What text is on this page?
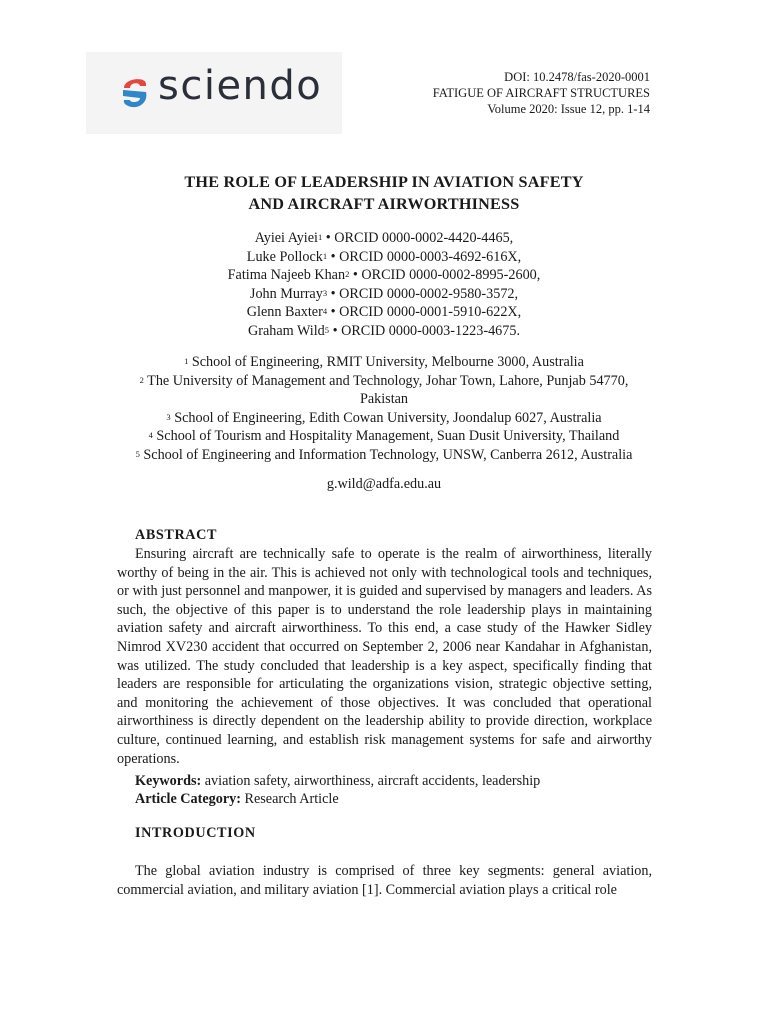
sciendo	DOI: 10.2478/fas-2020-0001
FATIGUE OF AIRCRAFT STRUCTURES
Volume 2020: Issue 12, pp. 1-14
THE ROLE OF LEADERSHIP IN AVIATION SAFETY
AND AIRCRAFT AIRWORTHINESS
Ayiei Ayiei$^1$ • ORCID 0000-0002-4420-4465,
Luke Pollock$^1$ • ORCID 0000-0003-4692-616X,
Fatima Najeeb Khan$^2$ • ORCID 0000-0002-8995-2600,
John Murray$^3$ • ORCID 0000-0002-9580-3572,
Glenn Baxter$^4$ • ORCID 0000-0001-5910-622X,
Graham Wild$^5$ • ORCID 0000-0003-1223-4675.
$^1$ School of Engineering, RMIT University, Melbourne 3000, Australia
$^2$ The University of Management and Technology, Johar Town, Lahore, Punjab 54770,
Pakistan
$^3$ School of Engineering, Edith Cowan University, Joondalup 6027, Australia
$^4$ School of Tourism and Hospitality Management, Suan Dusit University, Thailand
$^5$ School of Engineering and Information Technology, UNSW, Canberra 2612, Australia
g.wild@adfa.edu.au
ABSTRACT

Ensuring aircraft are technically safe to operate is the realm of airworthiness, literally worthy of being in the air. This is achieved not only with technological tools and techniques, or with just personnel and manpower, it is guided and supervised by managers and leaders. As such, the objective of this paper is to understand the role leadership plays in maintaining aviation safety and aircraft airworthiness. To this end, a case study of the Hawker Sidley Nimrod XV230 accident that occurred on September 2, 2006 near Kandahar in Afghanistan, was utilized. The study concluded that leadership is a key aspect, specifically finding that leaders are responsible for articulating the organizations vision, strategic objective setting, and monitoring the achievement of those objectives. It was concluded that operational airworthiness is directly dependent on the leadership ability to provide direction, workplace culture, continued learning, and establish risk management systems for safe and airworthy operations.

Keywords: aviation safety, airworthiness, aircraft accidents, leadership
Article Category: Research Article
INTRODUCTION

The global aviation industry is comprised of three key segments: general aviation, commercial aviation, and military aviation [1]. Commercial aviation plays a critical role
